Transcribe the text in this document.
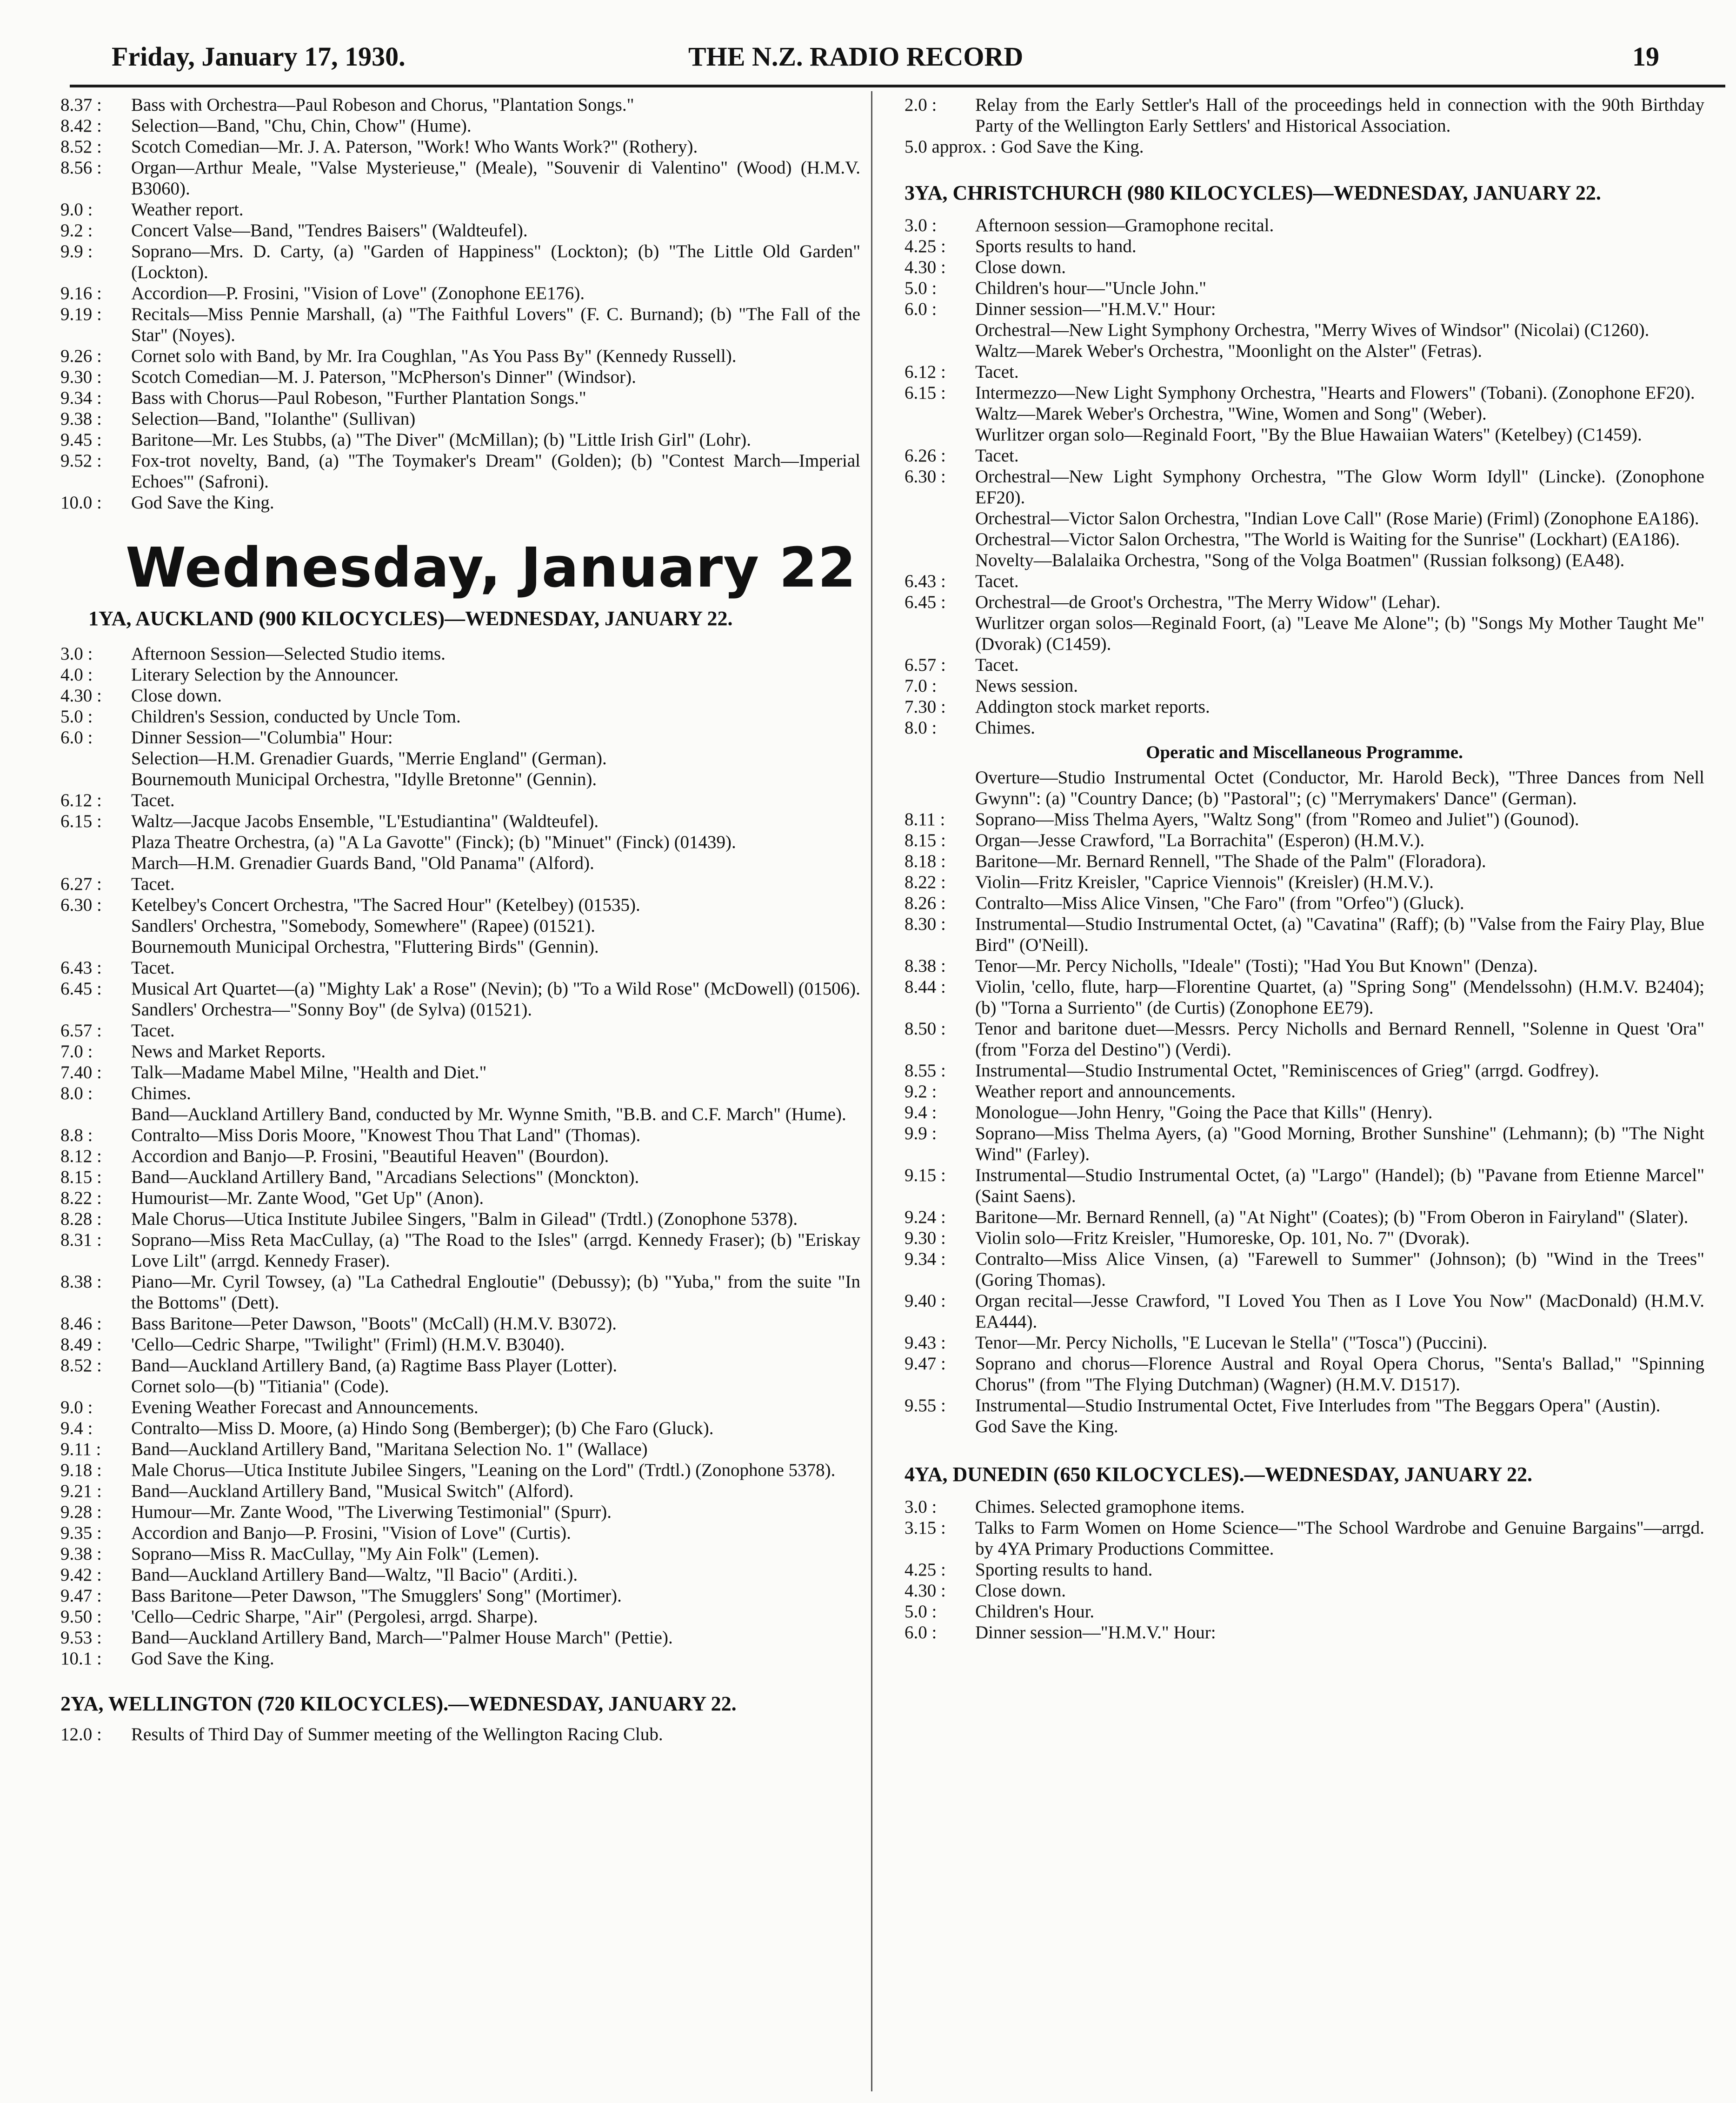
Friday, January 17, 1930.	THE N.Z. RADIO RECORD	19
8.37 :	Bass with Orchestra—Paul Robeson and Chorus, "Plantation Songs."
8.42 :	Selection—Band, "Chu, Chin, Chow" (Hume).
8.52 :	Scotch Comedian—Mr. J. A. Paterson, "Work! Who Wants Work?" (Rothery).
8.56 :	Organ—Arthur Meale, "Valse Mysterieuse," (Meale), "Souvenir di Valentino" (Wood) (H.M.V. B3060).
9.0 :	Weather report.
9.2 :	Concert Valse—Band, "Tendres Baisers" (Waldteufel).
9.9 :	Soprano—Mrs. D. Carty, (a) "Garden of Happiness" (Lockton); (b) "The Little Old Garden" (Lockton).
9.16 :	Accordion—P. Frosini, "Vision of Love" (Zonophone EE176).
9.19 :	Recitals—Miss Pennie Marshall, (a) "The Faithful Lovers" (F. C. Burnand); (b) "The Fall of the Star" (Noyes).
9.26 :	Cornet solo with Band, by Mr. Ira Coughlan, "As You Pass By" (Kennedy Russell).
9.30 :	Scotch Comedian—M. J. Paterson, "McPherson's Dinner" (Windsor).
9.34 :	Bass with Chorus—Paul Robeson, "Further Plantation Songs."
9.38 :	Selection—Band, "Iolanthe" (Sullivan)
9.45 :	Baritone—Mr. Les Stubbs, (a) "The Diver" (McMillan); (b) "Little Irish Girl" (Lohr).
9.52 :	Fox-trot novelty, Band, (a) "The Toymaker's Dream" (Golden); (b) "Contest March—Imperial Echoes'" (Safroni).
10.0 :	God Save the King.
Wednesday, January 22
1YA, AUCKLAND (900 KILOCYCLES)—WEDNESDAY, JANUARY 22.
3.0 :	Afternoon Session—Selected Studio items.
4.0 :	Literary Selection by the Announcer.
4.30 :	Close down.
5.0 :	Children's Session, conducted by Uncle Tom.
6.0 :	Dinner Session—"Columbia" Hour:
Selection—H.M. Grenadier Guards, "Merrie England" (German).
Bournemouth Municipal Orchestra, "Idylle Bretonne" (Gennin).
6.12 :	Tacet.
6.15 :	Waltz—Jacque Jacobs Ensemble, "L'Estudiantina" (Waldteufel).
Plaza Theatre Orchestra, (a) "A La Gavotte" (Finck); (b) "Minuet" (Finck) (01439).
March—H.M. Grenadier Guards Band, "Old Panama" (Alford).
6.27 :	Tacet.
6.30 :	Ketelbey's Concert Orchestra, "The Sacred Hour" (Ketelbey) (01535).
Sandlers' Orchestra, "Somebody, Somewhere" (Rapee) (01521).
Bournemouth Municipal Orchestra, "Fluttering Birds" (Gennin).
6.43 :	Tacet.
6.45 :	Musical Art Quartet—(a) "Mighty Lak' a Rose" (Nevin); (b) "To a Wild Rose" (McDowell) (01506).
Sandlers' Orchestra—"Sonny Boy" (de Sylva) (01521).
6.57 :	Tacet.
7.0 :	News and Market Reports.
7.40 :	Talk—Madame Mabel Milne, "Health and Diet."
8.0 :	Chimes.
Band—Auckland Artillery Band, conducted by Mr. Wynne Smith, "B.B. and C.F. March" (Hume).
8.8 :	Contralto—Miss Doris Moore, "Knowest Thou That Land" (Thomas).
8.12 :	Accordion and Banjo—P. Frosini, "Beautiful Heaven" (Bourdon).
8.15 :	Band—Auckland Artillery Band, "Arcadians Selections" (Monckton).
8.22 :	Humourist—Mr. Zante Wood, "Get Up" (Anon).
8.28 :	Male Chorus—Utica Institute Jubilee Singers, "Balm in Gilead" (Trdtl.) (Zonophone 5378).
8.31 :	Soprano—Miss Reta MacCullay, (a) "The Road to the Isles" (arrgd. Kennedy Fraser); (b) "Eriskay Love Lilt" (arrgd. Kennedy Fraser).
8.38 :	Piano—Mr. Cyril Towsey, (a) "La Cathedral Engloutie" (Debussy); (b) "Yuba," from the suite "In the Bottoms" (Dett).
8.46 :	Bass Baritone—Peter Dawson, "Boots" (McCall) (H.M.V. B3072).
8.49 :	'Cello—Cedric Sharpe, "Twilight" (Friml) (H.M.V. B3040).
8.52 :	Band—Auckland Artillery Band, (a) Ragtime Bass Player (Lotter).
Cornet solo—(b) "Titiania" (Code).
9.0 :	Evening Weather Forecast and Announcements.
9.4 :	Contralto—Miss D. Moore, (a) Hindo Song (Bemberger); (b) Che Faro (Gluck).
9.11 :	Band—Auckland Artillery Band, "Maritana Selection No. 1" (Wallace)
9.18 :	Male Chorus—Utica Institute Jubilee Singers, "Leaning on the Lord" (Trdtl.) (Zonophone 5378).
9.21 :	Band—Auckland Artillery Band, "Musical Switch" (Alford).
9.28 :	Humour—Mr. Zante Wood, "The Liverwing Testimonial" (Spurr).
9.35 :	Accordion and Banjo—P. Frosini, "Vision of Love" (Curtis).
9.38 :	Soprano—Miss R. MacCullay, "My Ain Folk" (Lemen).
9.42 :	Band—Auckland Artillery Band—Waltz, "Il Bacio" (Arditi.).
9.47 :	Bass Baritone—Peter Dawson, "The Smugglers' Song" (Mortimer).
9.50 :	'Cello—Cedric Sharpe, "Air" (Pergolesi, arrgd. Sharpe).
9.53 :	Band—Auckland Artillery Band, March—"Palmer House March" (Pettie).
10.1 :	God Save the King.
2YA, WELLINGTON (720 KILOCYCLES).—WEDNESDAY, JANUARY 22.
12.0 :	Results of Third Day of Summer meeting of the Wellington Racing Club.
2.0 :	Relay from the Early Settler's Hall of the proceedings held in connection with the 90th Birthday Party of the Wellington Early Settlers' and Historical Association.
5.0 approx. : God Save the King.
3YA, CHRISTCHURCH (980 KILOCYCLES)—WEDNESDAY, JANUARY 22.
3.0 :	Afternoon session—Gramophone recital.
4.25 :	Sports results to hand.
4.30 :	Close down.
5.0 :	Children's hour—"Uncle John."
6.0 :	Dinner session—"H.M.V." Hour:
Orchestral—New Light Symphony Orchestra, "Merry Wives of Windsor" (Nicolai) (C1260).
Waltz—Marek Weber's Orchestra, "Moonlight on the Alster" (Fetras).
6.12 :	Tacet.
6.15 :	Intermezzo—New Light Symphony Orchestra, "Hearts and Flowers" (Tobani). (Zonophone EF20).
Waltz—Marek Weber's Orchestra, "Wine, Women and Song" (Weber).
Wurlitzer organ solo—Reginald Foort, "By the Blue Hawaiian Waters" (Ketelbey) (C1459).
6.26 :	Tacet.
6.30 :	Orchestral—New Light Symphony Orchestra, "The Glow Worm Idyll" (Lincke). (Zonophone EF20).
Orchestral—Victor Salon Orchestra, "Indian Love Call" (Rose Marie) (Friml) (Zonophone EA186).
Orchestral—Victor Salon Orchestra, "The World is Waiting for the Sunrise" (Lockhart) (EA186).
Novelty—Balalaika Orchestra, "Song of the Volga Boatmen" (Russian folksong) (EA48).
6.43 :	Tacet.
6.45 :	Orchestral—de Groot's Orchestra, "The Merry Widow" (Lehar).
Wurlitzer organ solos—Reginald Foort, (a) "Leave Me Alone"; (b) "Songs My Mother Taught Me" (Dvorak) (C1459).
6.57 :	Tacet.
7.0 :	News session.
7.30 :	Addington stock market reports.
8.0 :	Chimes.
Operatic and Miscellaneous Programme.
Overture—Studio Instrumental Octet (Conductor, Mr. Harold Beck), "Three Dances from Nell Gwynn": (a) "Country Dance; (b) "Pastoral"; (c) "Merrymakers' Dance" (German).
8.11 :	Soprano—Miss Thelma Ayers, "Waltz Song" (from "Romeo and Juliet") (Gounod).
8.15 :	Organ—Jesse Crawford, "La Borrachita" (Esperon) (H.M.V.).
8.18 :	Baritone—Mr. Bernard Rennell, "The Shade of the Palm" (Floradora).
8.22 :	Violin—Fritz Kreisler, "Caprice Viennois" (Kreisler) (H.M.V.).
8.26 :	Contralto—Miss Alice Vinsen, "Che Faro" (from "Orfeo") (Gluck).
8.30 :	Instrumental—Studio Instrumental Octet, (a) "Cavatina" (Raff); (b) "Valse from the Fairy Play, Blue Bird" (O'Neill).
8.38 :	Tenor—Mr. Percy Nicholls, "Ideale" (Tosti); "Had You But Known" (Denza).
8.44 :	Violin, 'cello, flute, harp—Florentine Quartet, (a) "Spring Song" (Mendelssohn) (H.M.V. B2404); (b) "Torna a Surriento" (de Curtis) (Zonophone EE79).
8.50 :	Tenor and baritone duet—Messrs. Percy Nicholls and Bernard Rennell, "Solenne in Quest 'Ora" (from "Forza del Destino") (Verdi).
8.55 :	Instrumental—Studio Instrumental Octet, "Reminiscences of Grieg" (arrgd. Godfrey).
9.2 :	Weather report and announcements.
9.4 :	Monologue—John Henry, "Going the Pace that Kills" (Henry).
9.9 :	Soprano—Miss Thelma Ayers, (a) "Good Morning, Brother Sunshine" (Lehmann); (b) "The Night Wind" (Farley).
9.15 :	Instrumental—Studio Instrumental Octet, (a) "Largo" (Handel); (b) "Pavane from Etienne Marcel" (Saint Saens).
9.24 :	Baritone—Mr. Bernard Rennell, (a) "At Night" (Coates); (b) "From Oberon in Fairyland" (Slater).
9.30 :	Violin solo—Fritz Kreisler, "Humoreske, Op. 101, No. 7" (Dvorak).
9.34 :	Contralto—Miss Alice Vinsen, (a) "Farewell to Summer" (Johnson); (b) "Wind in the Trees" (Goring Thomas).
9.40 :	Organ recital—Jesse Crawford, "I Loved You Then as I Love You Now" (MacDonald) (H.M.V. EA444).
9.43 :	Tenor—Mr. Percy Nicholls, "E Lucevan le Stella" ("Tosca") (Puccini).
9.47 :	Soprano and chorus—Florence Austral and Royal Opera Chorus, "Senta's Ballad," "Spinning Chorus" (from "The Flying Dutchman) (Wagner) (H.M.V. D1517).
9.55 :	Instrumental—Studio Instrumental Octet, Five Interludes from "The Beggars Opera" (Austin).
God Save the King.
4YA, DUNEDIN (650 KILOCYCLES).—WEDNESDAY, JANUARY 22.
3.0 :	Chimes. Selected gramophone items.
3.15 :	Talks to Farm Women on Home Science—"The School Wardrobe and Genuine Bargains"—arrgd. by 4YA Primary Productions Committee.
4.25 :	Sporting results to hand.
4.30 :	Close down.
5.0 :	Children's Hour.
6.0 :	Dinner session—"H.M.V." Hour:
